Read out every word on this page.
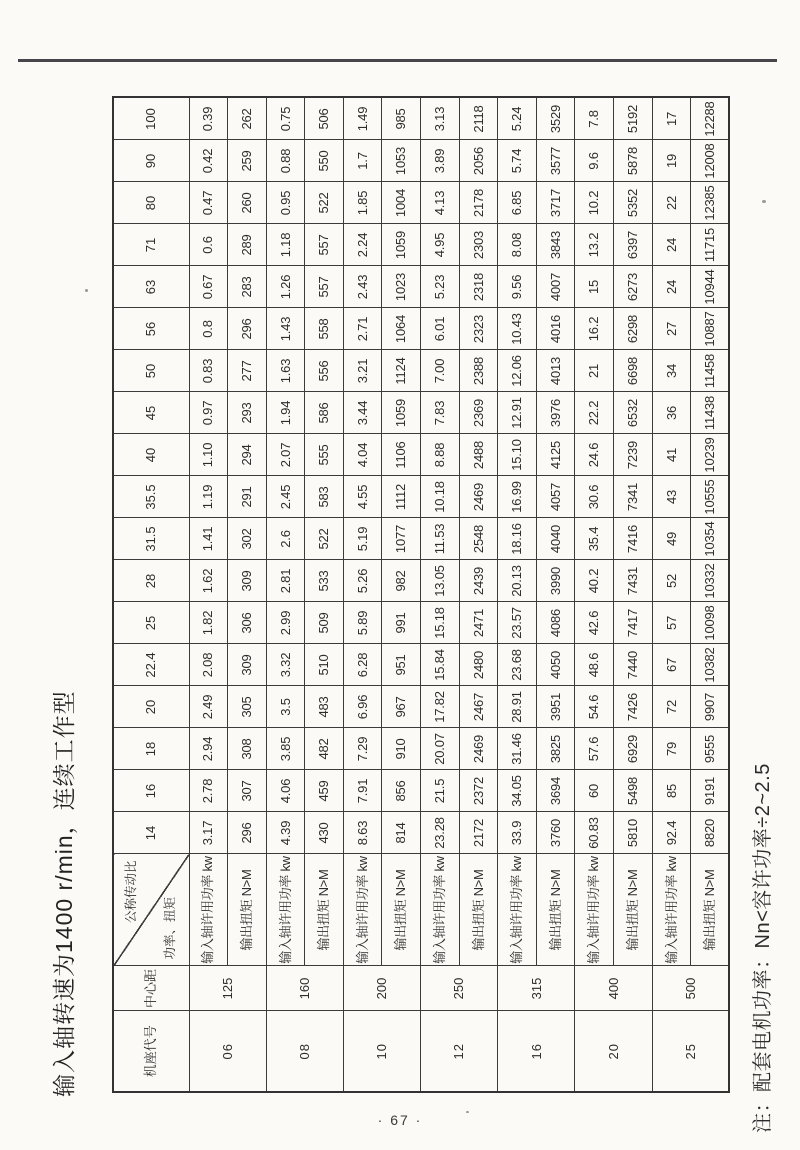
输入轴转速为1400 r/min，连续工作型	机座代号	中心距	公称传动比
功率、扭矩	14	16	18	20	22.4	25	28	31.5	35.5	40	45	50	56	63	71	80	90	100
06	125	输入轴许用功率 kw	3.17	2.78	2.94	2.49	2.08	1.82	1.62	1.41	1.19	1.10	0.97	0.83	0.8	0.67	0.6	0.47	0.42	0.39
		输出扭矩 N>M	296	307	308	305	309	306	309	302	291	294	293	277	296	283	289	260	259	262
08	160	输入轴许用功率 kw	4.39	4.06	3.85	3.5	3.32	2.99	2.81	2.6	2.45	2.07	1.94	1.63	1.43	1.26	1.18	0.95	0.88	0.75
		输出扭矩 N>M	430	459	482	483	510	509	533	522	583	555	586	556	558	557	557	522	550	506
10	200	输入轴许用功率 kw	8.63	7.91	7.29	6.96	6.28	5.89	5.26	5.19	4.55	4.04	3.44	3.21	2.71	2.43	2.24	1.85	1.7	1.49
		输出扭矩 N>M	814	856	910	967	951	991	982	1077	1112	1106	1059	1124	1064	1023	1059	1004	1053	985
12	250	输入轴许用功率 kw	23.28	21.5	20.07	17.82	15.84	15.18	13.05	11.53	10.18	8.88	7.83	7.00	6.01	5.23	4.95	4.13	3.89	3.13
		输出扭矩 N>M	2172	2372	2469	2467	2480	2471	2439	2548	2469	2488	2369	2388	2323	2318	2303	2178	2056	2118
16	315	输入轴许用功率 kw	33.9	34.05	31.46	28.91	23.68	23.57	20.13	18.16	16.99	15.10	12.91	12.06	10.43	9.56	8.08	6.85	5.74	5.24
		输出扭矩 N>M	3760	3694	3825	3951	4050	4086	3990	4040	4057	4125	3976	4013	4016	4007	3843	3717	3577	3529
20	400	输入轴许用功率 kw	60.83	60	57.6	54.6	48.6	42.6	40.2	35.4	30.6	24.6	22.2	21	16.2	15	13.2	10.2	9.6	7.8
		输出扭矩 N>M	5810	5498	6929	7426	7440	7417	7431	7416	7341	7239	6532	6698	6298	6273	6397	5352	5878	5192
25	500	输入轴许用功率 kw	92.4	85	79	72	67	57	52	49	43	41	36	34	27	24	24	22	19	17
		输出扭矩 N>M	8820	9191	9555	9907	10382	10098	10332	10354	10555	10239	11438	11458	10887	10944	11715	12385	12008	12288
注：配套电机功率：Nn<容许功率÷2~2.5
· 67 ·
